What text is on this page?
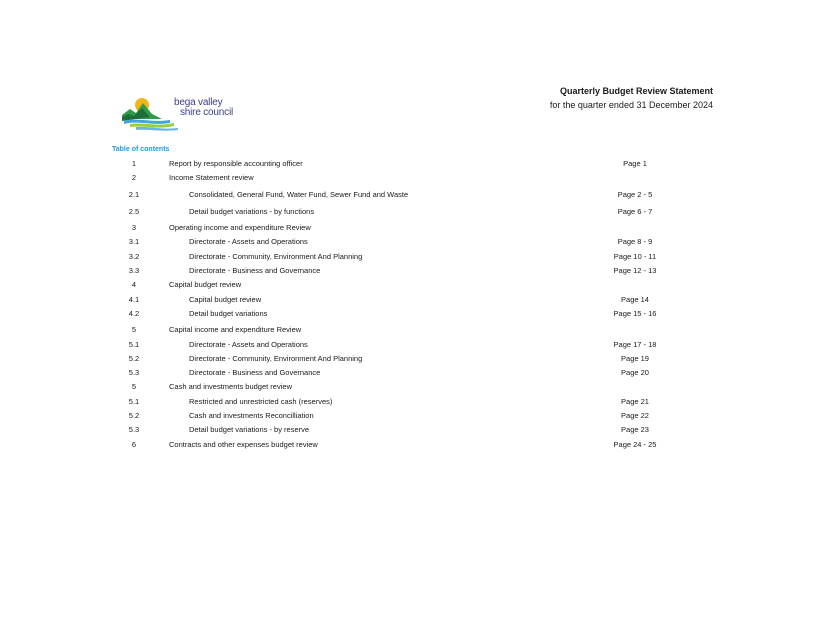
bega valley
shire council
Quarterly Budget Review Statement
for the quarter ended 31 December 2024
Table of contents
1	Report by responsible accounting officer	Page 1
2	Income Statement review
2.1	Consolidated, General Fund, Water Fund, Sewer Fund and Waste	Page 2 - 5
2.5	Detail budget variations - by functions	Page 6 - 7
3	Operating income and expenditure Review
3.1	Directorate - Assets and Operations	Page 8 - 9
3.2	Directorate - Community, Environment And Planning	Page 10 - 11
3.3	Directorate - Business and Governance	Page 12 - 13
4	Capital budget review
4.1	Capital budget review	Page 14
4.2	Detail budget variations	Page 15 - 16
5	Capital income and expenditure Review
5.1	Directorate - Assets and Operations	Page 17 - 18
5.2	Directorate - Community, Environment And Planning	Page 19
5.3	Directorate - Business and Governance	Page 20
5	Cash and investments budget review
5.1	Restricted and unrestricted cash (reserves)	Page 21
5.2	Cash and investments Reconcilliation	Page 22
5.3	Detail budget variations - by reserve	Page 23
6	Contracts and other expenses budget review	Page 24 - 25
